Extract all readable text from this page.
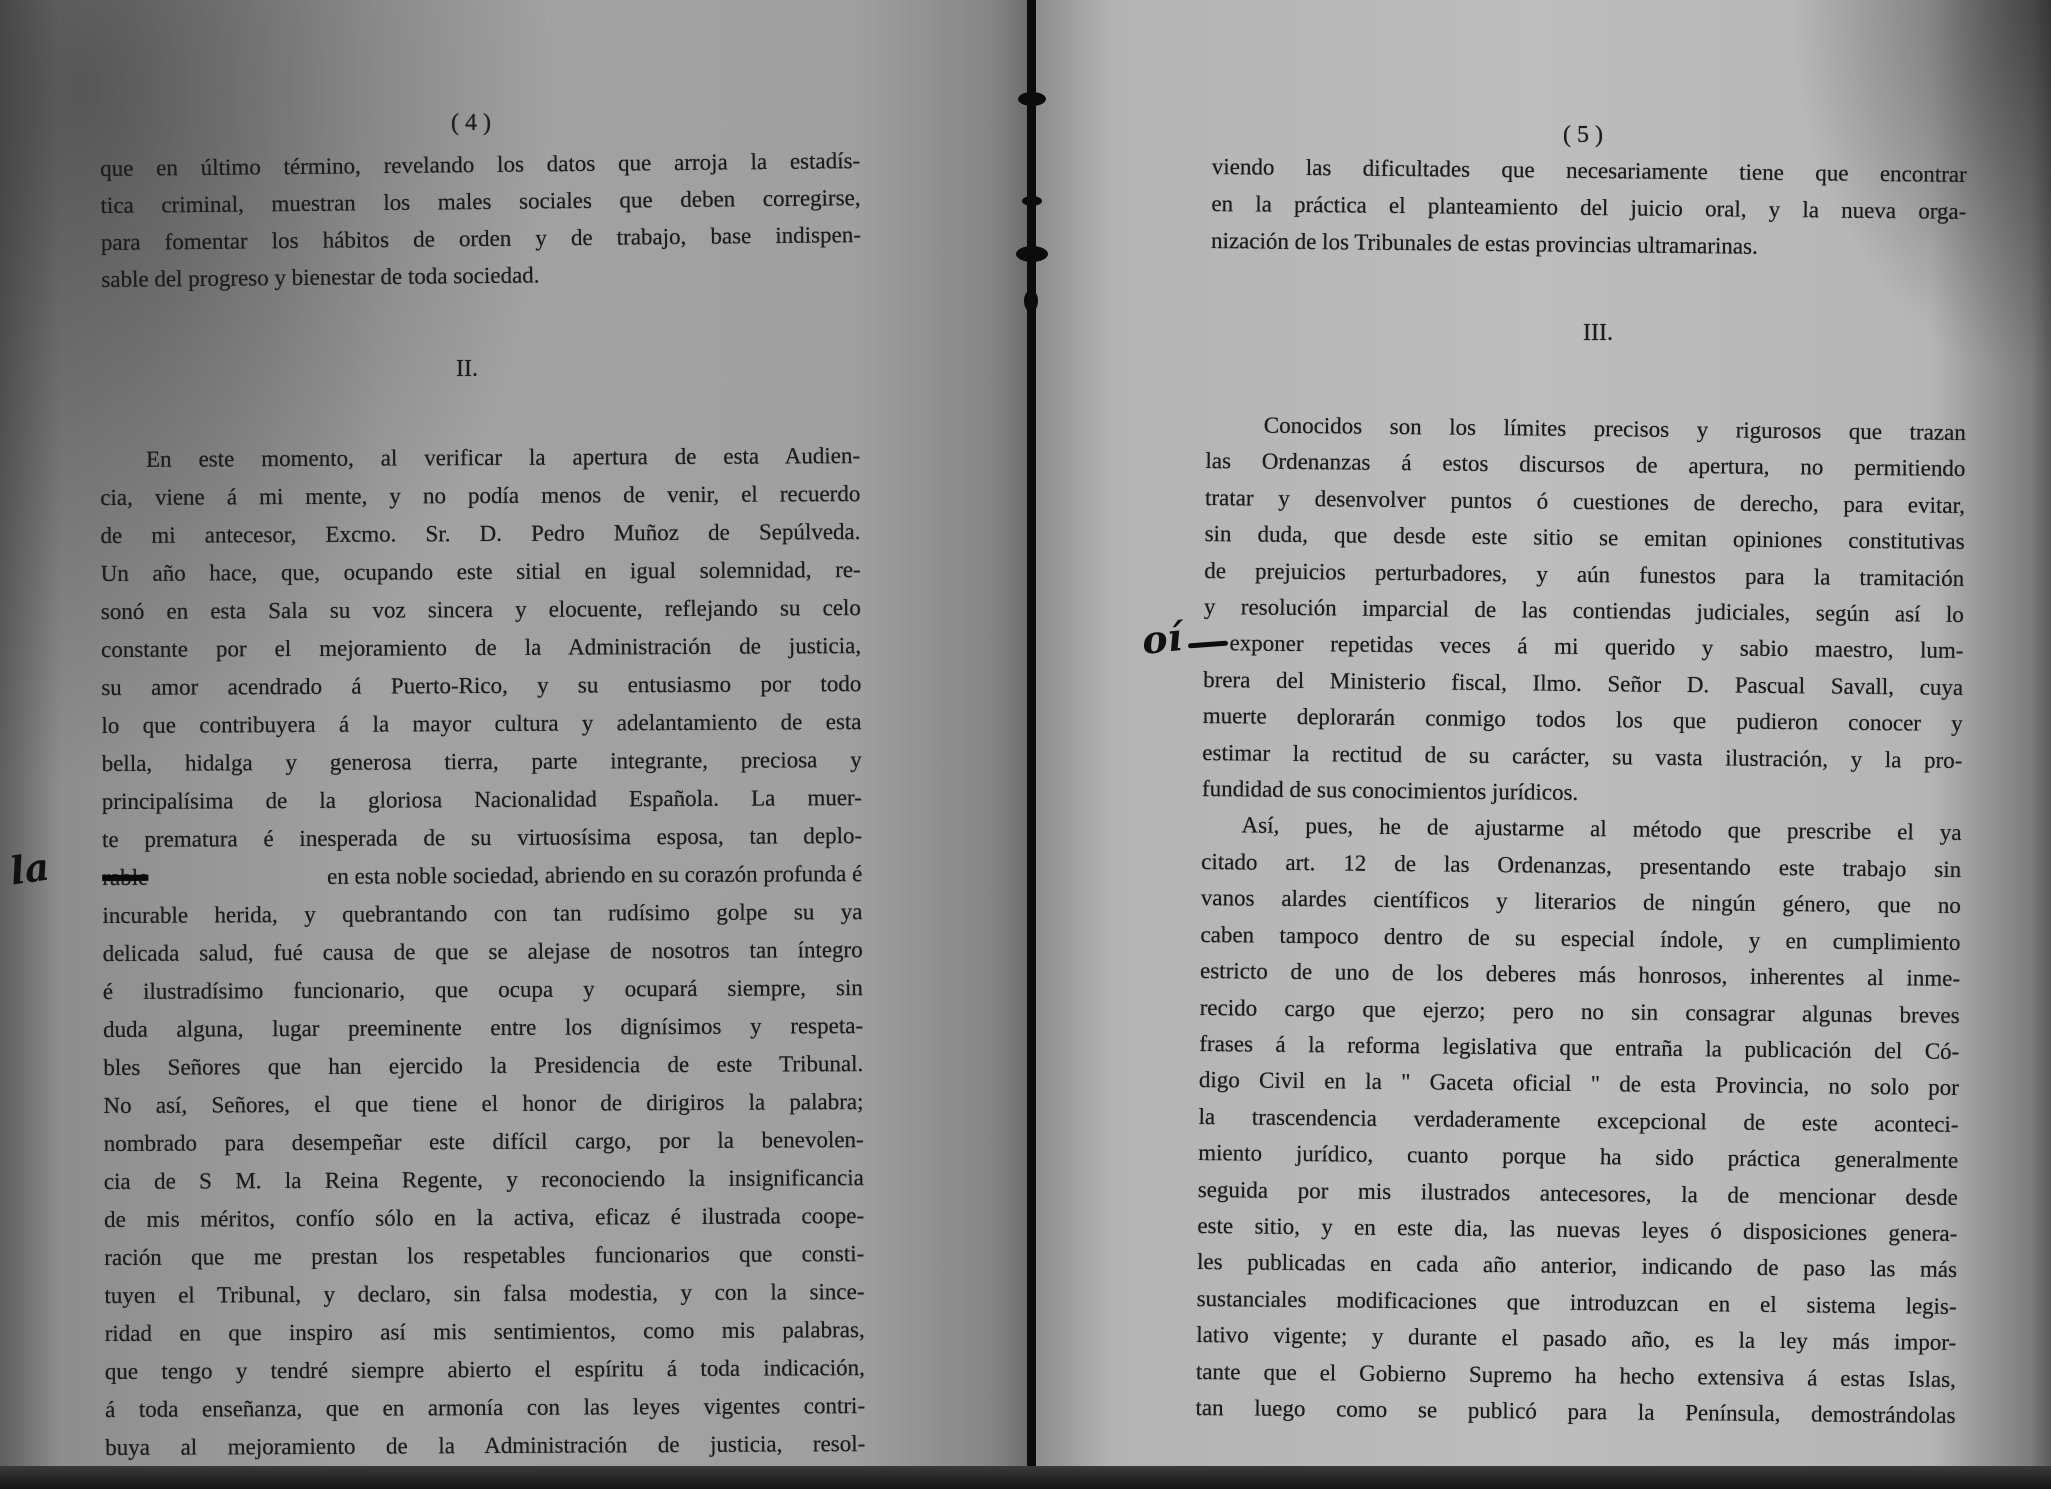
( 4 )
que en último término, revelando los datos que arroja la estadís-
tica criminal, muestran los males sociales que deben corregirse,
para fomentar los hábitos de orden y de trabajo, base indispen-
sable del progreso y bienestar de toda sociedad.
II.
En este momento, al verificar la apertura de esta Audien-
cia, viene á mi mente, y no podía menos de venir, el recuerdo
de mi antecesor, Excmo. Sr. D. Pedro Muñoz de Sepúlveda.
Un año hace, que, ocupando este sitial en igual solemnidad, re-
sonó en esta Sala su voz sincera y elocuente, reflejando su celo
constante por el mejoramiento de la Administración de justicia,
su amor acendrado á Puerto-Rico, y su entusiasmo por todo
lo que contribuyera á la mayor cultura y adelantamiento de esta
bella, hidalga y generosa tierra, parte integrante, preciosa y
principalísima de la gloriosa Nacionalidad Española. La muer-
te prematura é inesperada de su virtuosísima esposa, tan deplo-
rable	en esta noble sociedad, abriendo en su corazón profunda é
incurable herida, y quebrantando con tan rudísimo golpe su ya
delicada salud, fué causa de que se alejase de nosotros tan íntegro
é ilustradísimo funcionario, que ocupa y ocupará siempre, sin
duda alguna, lugar preeminente entre los dignísimos y respeta-
bles Señores que han ejercido la Presidencia de este Tribunal.
No así, Señores, el que tiene el honor de dirigiros la palabra;
nombrado para desempeñar este difícil cargo, por la benevolen-
cia de S M. la Reina Regente, y reconociendo la insignificancia
de mis méritos, confío sólo en la activa, eficaz é ilustrada coope-
ración que me prestan los respetables funcionarios que consti-
tuyen el Tribunal, y declaro, sin falsa modestia, y con la since-
ridad en que inspiro así mis sentimientos, como mis palabras,
que tengo y tendré siempre abierto el espíritu á toda indicación,
á toda enseñanza, que en armonía con las leyes vigentes contri-
buya al mejoramiento de la Administración de justicia, resol-
la
( 5 )
viendo las dificultades que necesariamente tiene que encontrar
en la práctica el planteamiento del juicio oral, y la nueva orga-
nización de los Tribunales de estas provincias ultramarinas.
III.
Conocidos son los límites precisos y rigurosos que trazan
las Ordenanzas á estos discursos de apertura, no permitiendo
tratar y desenvolver puntos ó cuestiones de derecho, para evitar,
sin duda, que desde este sitio se emitan opiniones constitutivas
de prejuicios perturbadores, y aún funestos para la tramitación
y resolución imparcial de las contiendas judiciales, según así lo
exponer repetidas veces á mi querido y sabio maestro, lum-
brera del Ministerio fiscal, Ilmo. Señor D. Pascual Savall, cuya
muerte deplorarán conmigo todos los que pudieron conocer y
estimar la rectitud de su carácter, su vasta ilustración, y la pro-
fundidad de sus conocimientos jurídicos.
Así, pues, he de ajustarme al método que prescribe el ya
citado art. 12 de las Ordenanzas, presentando este trabajo sin
vanos alardes científicos y literarios de ningún género, que no
caben tampoco dentro de su especial índole, y en cumplimiento
estricto de uno de los deberes más honrosos, inherentes al inme-
recido cargo que ejerzo; pero no sin consagrar algunas breves
frases á la reforma legislativa que entraña la publicación del Có-
digo Civil en la " Gaceta oficial " de esta Provincia, no solo por
la trascendencia verdaderamente excepcional de este aconteci-
miento jurídico, cuanto porque ha sido práctica generalmente
seguida por mis ilustrados antecesores, la de mencionar desde
este sitio, y en este dia, las nuevas leyes ó disposiciones genera-
les publicadas en cada año anterior, indicando de paso las más
sustanciales modificaciones que introduzcan en el sistema legis-
lativo vigente; y durante el pasado año, es la ley más impor-
tante que el Gobierno Supremo ha hecho extensiva á estas Islas,
tan luego como se publicó para la Península, demostrándolas
oí
